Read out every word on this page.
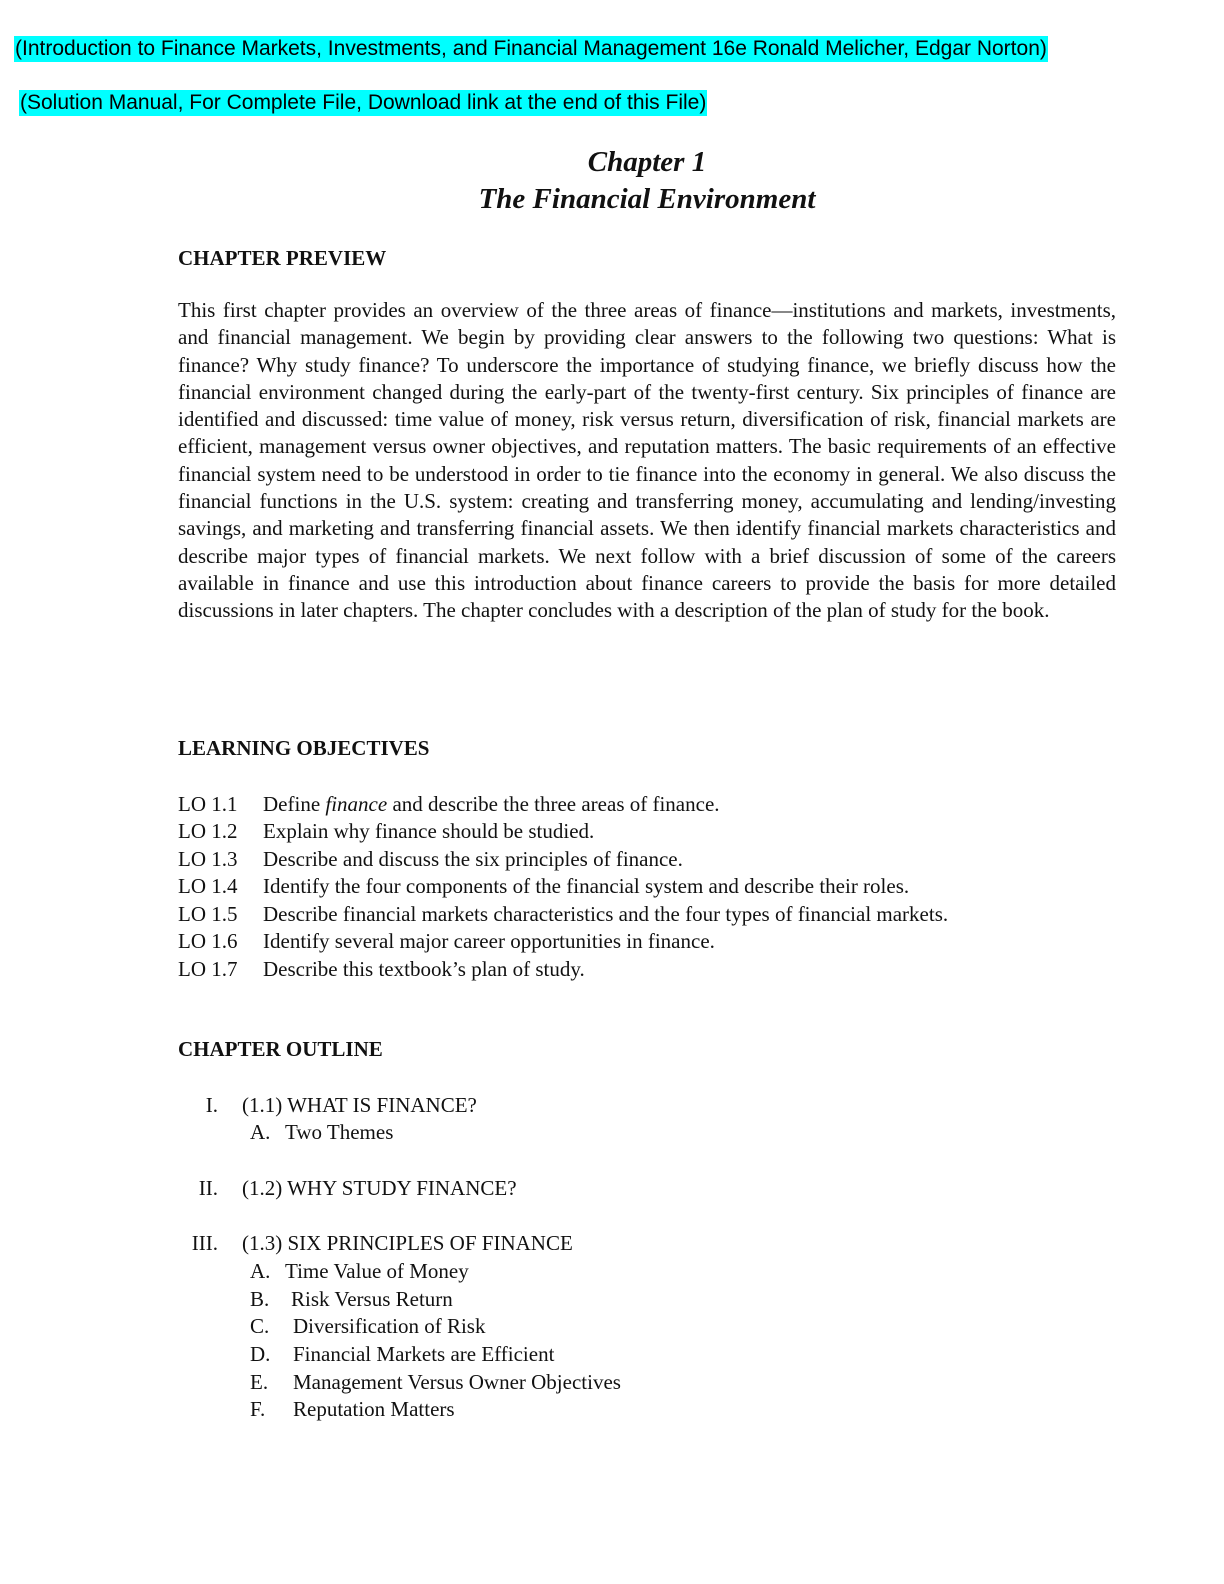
(Introduction to Finance Markets, Investments, and Financial Management 16e Ronald Melicher, Edgar Norton)
(Solution Manual, For Complete File, Download link at the end of this File)
Chapter 1
The Financial Environment
CHAPTER PREVIEW

This first chapter provides an overview of the three areas of finance—institutions and markets, investments, and financial management. We begin by providing clear answers to the following two questions: What is finance? Why study finance? To underscore the importance of studying finance, we briefly discuss how the financial environment changed during the early-part of the twenty-first century. Six principles of finance are identified and discussed: time value of money, risk versus return, diversification of risk, financial markets are efficient, management versus owner objectives, and reputation matters. The basic requirements of an effective financial system need to be understood in order to tie finance into the economy in general. We also discuss the financial functions in the U.S. system: creating and transferring money, accumulating and lending/investing savings, and marketing and transferring financial assets. We then identify financial markets characteristics and describe major types of financial markets. We next follow with a brief discussion of some of the careers available in finance and use this introduction about finance careers to provide the basis for more detailed discussions in later chapters. The chapter concludes with a description of the plan of study for the book.

LEARNING OBJECTIVES
LO 1.1 Define finance and describe the three areas of finance.
LO 1.2 Explain why finance should be studied.
LO 1.3 Describe and discuss the six principles of finance.
LO 1.4 Identify the four components of the financial system and describe their roles.
LO 1.5 Describe financial markets characteristics and the four types of financial markets.
LO 1.6 Identify several major career opportunities in finance.
LO 1.7 Describe this textbook’s plan of study.
CHAPTER OUTLINE
I. (1.1) WHAT IS FINANCE?
A. Two Themes
II. (1.2) WHY STUDY FINANCE?
III. (1.3) SIX PRINCIPLES OF FINANCE
A. Time Value of Money
B. Risk Versus Return
C. Diversification of Risk
D. Financial Markets are Efficient
E. Management Versus Owner Objectives
F. Reputation Matters
